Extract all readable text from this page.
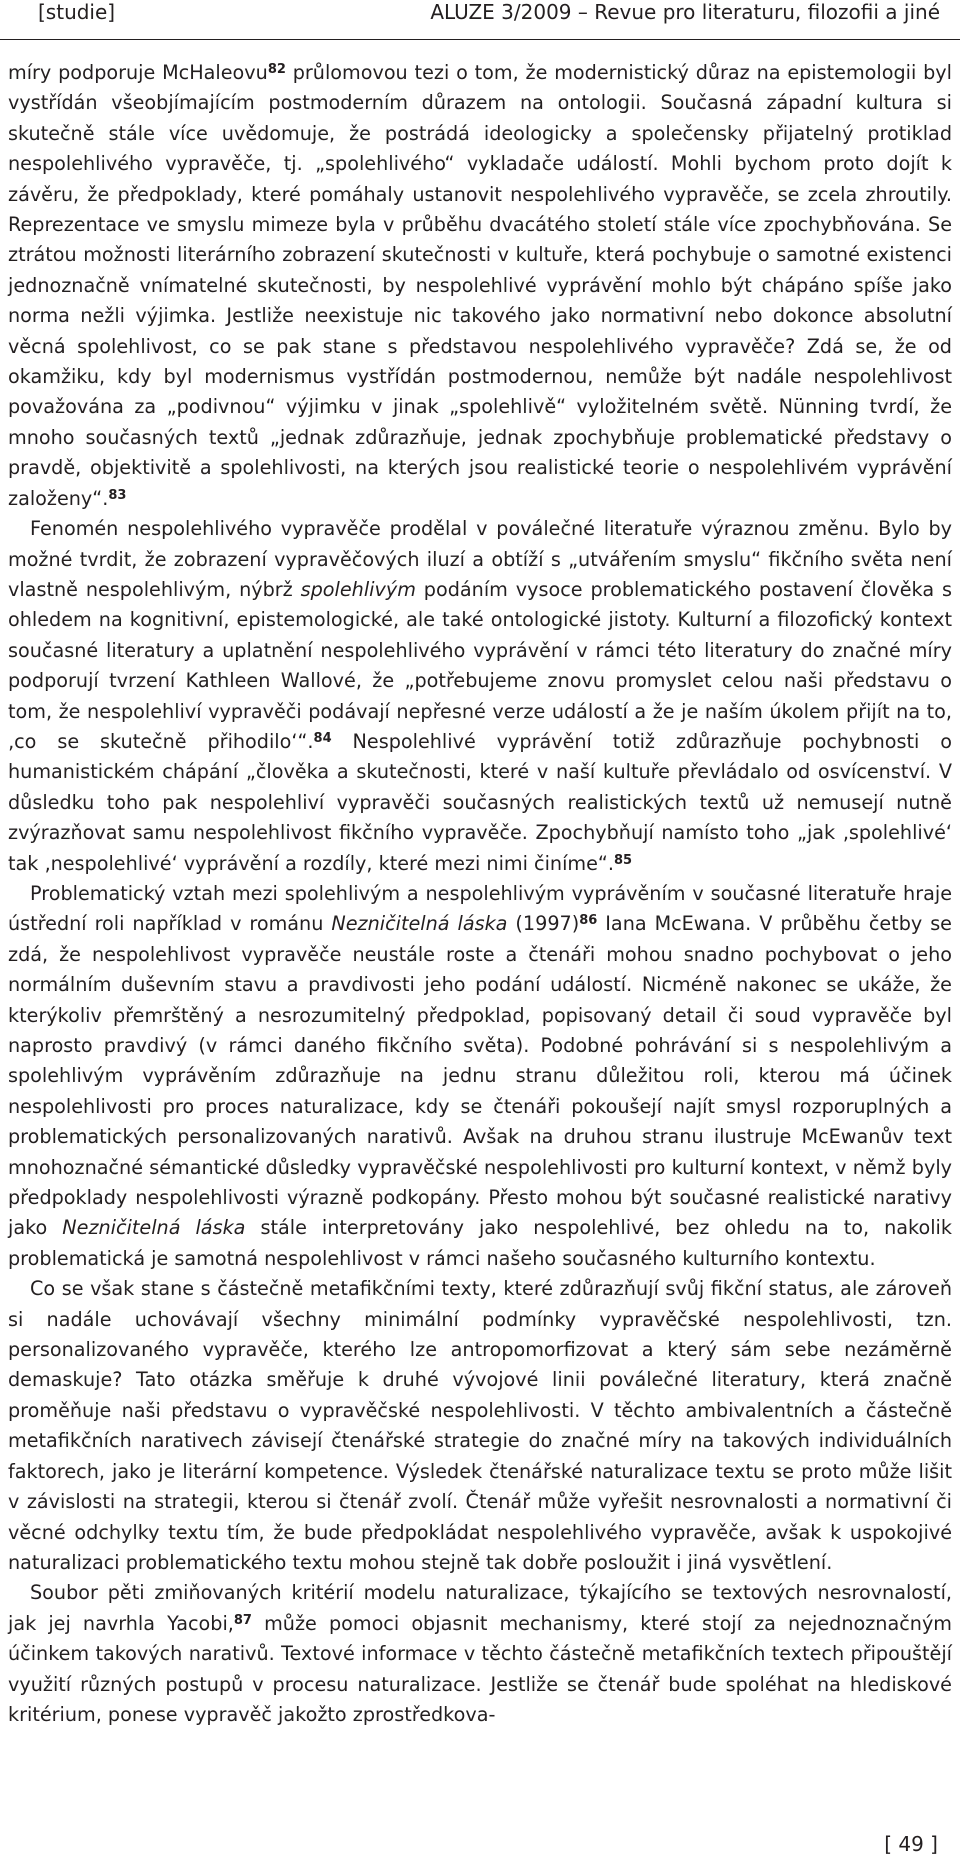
[studie]	ALUZE 3/2009 – Revue pro literaturu, filozofii a jiné

míry podporuje McHaleovu$^{82}$ průlomovou tezi o tom, že modernistický důraz na epistemologii byl vystřídán všeobjímajícím postmoderním důrazem na ontologii. Současná západní kultura si skutečně stále více uvědomuje, že postrádá ideologicky a společensky přijatelný protiklad nespolehlivého vypravěče, tj. „spolehlivého“ vykladače událostí. Mohli bychom proto dojít k závěru, že předpoklady, které pomáhaly ustanovit nespolehlivého vypravěče, se zcela zhroutily. Reprezentace ve smyslu mimeze byla v průběhu dvacátého století stále více zpochybňována. Se ztrátou možnosti literárního zobrazení skutečnosti v kultuře, která pochybuje o samotné existenci jednoznačně vnímatelné skutečnosti, by nespolehlivé vyprávění mohlo být chápáno spíše jako norma nežli výjimka. Jestliže neexistuje nic takového jako normativní nebo dokonce absolutní věcná spolehlivost, co se pak stane s představou nespolehlivého vypravěče? Zdá se, že od okamžiku, kdy byl modernismus vystřídán postmodernou, nemůže být nadále nespolehlivost považována za „podivnou“ výjimku v jinak „spolehlivě“ vyložitelném světě. Nünning tvrdí, že mnoho současných textů „jednak zdůrazňuje, jednak zpochybňuje problematické představy o pravdě, objektivitě a spolehlivosti, na kterých jsou realistické teorie o nespolehlivém vyprávění založeny“.$^{83}$

Fenomén nespolehlivého vypravěče prodělal v poválečné literatuře výraznou změnu. Bylo by možné tvrdit, že zobrazení vypravěčových iluzí a obtíží s „utvářením smyslu“ fikčního světa není vlastně nespolehlivým, nýbrž spolehlivým podáním vysoce problematického postavení člověka s ohledem na kognitivní, epistemologické, ale také ontologické jistoty. Kulturní a filozofický kontext současné literatury a uplatnění nespolehlivého vyprávění v rámci této literatury do značné míry podporují tvrzení Kathleen Wallové, že „potřebujeme znovu promyslet celou naši představu o tom, že nespolehliví vypravěči podávají nepřesné verze událostí a že je naším úkolem přijít na to, ‚co se skutečně přihodilo‘“.$^{84}$ Nespolehlivé vyprávění totiž zdůrazňuje pochybnosti o humanistickém chápání „člověka a skutečnosti, které v naší kultuře převládalo od osvícenství. V důsledku toho pak nespolehliví vypravěči současných realistických textů už nemusejí nutně zvýrazňovat samu nespolehlivost fikčního vypravěče. Zpochybňují namísto toho „jak ‚spolehlivé‘ tak ‚nespolehlivé‘ vyprávění a rozdíly, které mezi nimi činíme“.$^{85}$

Problematický vztah mezi spolehlivým a nespolehlivým vyprávěním v současné literatuře hraje ústřední roli například v románu Nezničitelná láska (1997)$^{86}$ Iana McEwana. V průběhu četby se zdá, že nespolehlivost vypravěče neustále roste a čtenáři mohou snadno pochybovat o jeho normálním duševním stavu a pravdivosti jeho podání událostí. Nicméně nakonec se ukáže, že kterýkoliv přemrštěný a nesrozumitelný předpoklad, popisovaný detail či soud vypravěče byl naprosto pravdivý (v rámci daného fikčního světa). Podobné pohrávání si s nespolehlivým a spolehlivým vyprávěním zdůrazňuje na jednu stranu důležitou roli, kterou má účinek nespolehlivosti pro proces naturalizace, kdy se čtenáři pokoušejí najít smysl rozporuplných a problematických personalizovaných narativů. Avšak na druhou stranu ilustruje McEwanův text mnohoznačné sémantické důsledky vypravěčské nespolehlivosti pro kulturní kontext, v němž byly předpoklady nespolehlivosti výrazně podkopány. Přesto mohou být současné realistické narativy jako Nezničitelná láska stále interpretovány jako nespolehlivé, bez ohledu na to, nakolik problematická je samotná nespolehlivost v rámci našeho současného kulturního kontextu.

Co se však stane s částečně metafikčními texty, které zdůrazňují svůj fikční status, ale zároveň si nadále uchovávají všechny minimální podmínky vypravěčské nespolehlivosti, tzn. personalizovaného vypravěče, kterého lze antropomorfizovat a který sám sebe nezáměrně demaskuje? Tato otázka směřuje k druhé vývojové linii poválečné literatury, která značně proměňuje naši představu o vypravěčské nespolehlivosti. V těchto ambivalentních a částečně metafikčních narativech závisejí čtenářské strategie do značné míry na takových individuálních faktorech, jako je literární kompetence. Výsledek čtenářské naturalizace textu se proto může lišit v závislosti na strategii, kterou si čtenář zvolí. Čtenář může vyřešit nesrovnalosti a normativní či věcné odchylky textu tím, že bude předpokládat nespolehlivého vypravěče, avšak k uspokojivé naturalizaci problematického textu mohou stejně tak dobře posloužit i jiná vysvětlení.

Soubor pěti zmiňovaných kritérií modelu naturalizace, týkajícího se textových nesrovnalostí, jak jej navrhla Yacobi,$^{87}$ může pomoci objasnit mechanismy, které stojí za nejednoznačným účinkem takových narativů. Textové informace v těchto částečně metafikčních textech připouštějí využití různých postupů v procesu naturalizace. Jestliže se čtenář bude spoléhat na hlediskové kritérium, ponese vypravěč jakožto zprostředkova-

[ 49 ]
